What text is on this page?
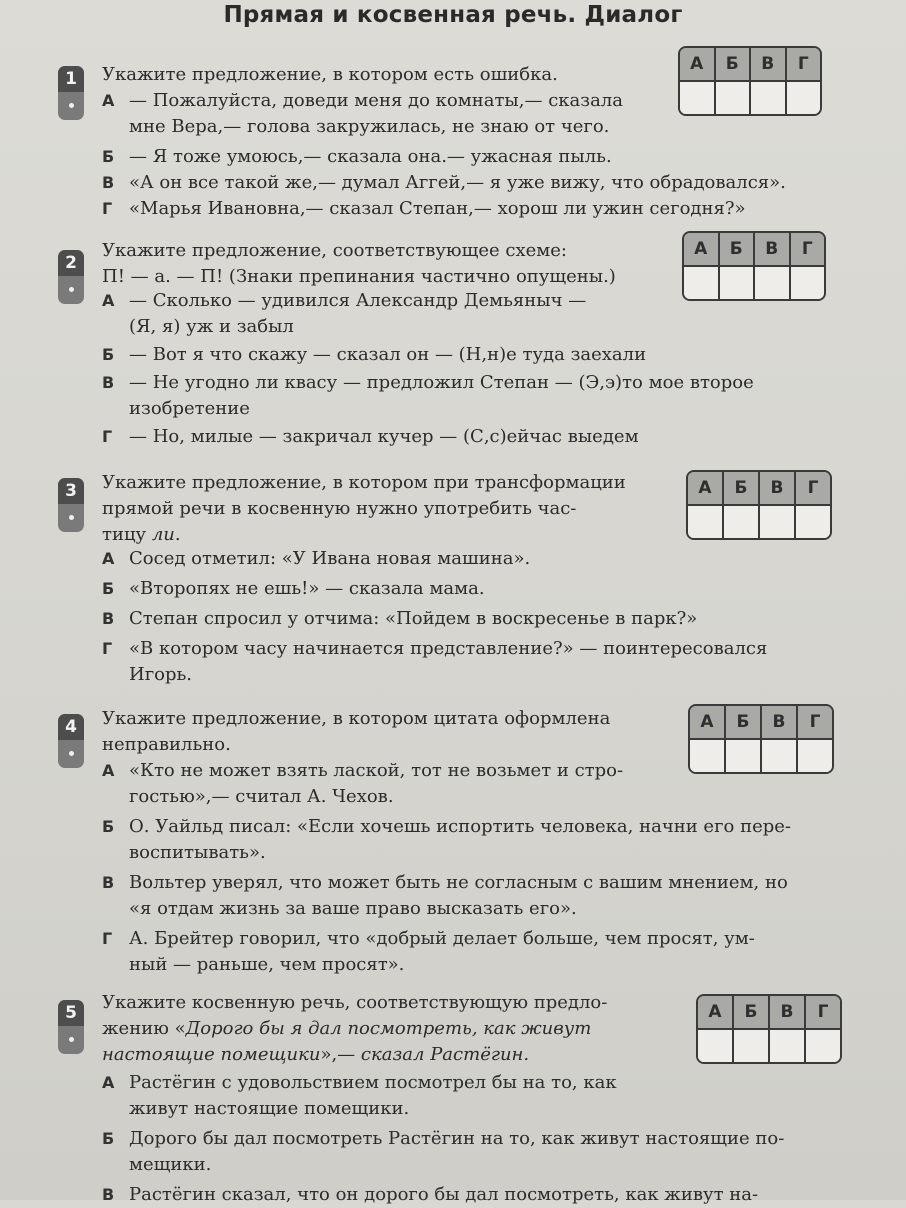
Прямая и косвенная речь. Диалог
1	Укажите предложение, в котором есть ошибка.
А — Пожалуйста, доведи меня до комнаты,— сказала
мне Вера,— голова закружилась, не знаю от чего.
Б — Я тоже умоюсь,— сказала она.— ужасная пыль.
В «А он все такой же,— думал Аггей,— я уже вижу, что обрадовался».
Г «Марья Ивановна,— сказал Степан,— хорош ли ужин сегодня?»
А	Б	В	Г
2
Укажите предложение, соответствующее схеме:
П! — а. — П! (Знаки препинания частично опущены.)
А — Сколько — удивился Александр Демьяныч —
(Я, я) уж и забыл
Б — Вот я что скажу — сказал он — (Н,н)е туда заехали
В — Не угодно ли квасу — предложил Степан — (Э,э)то мое второе
изобретение
Г — Но, милые — закричал кучер — (С,с)ейчас выедем
А	Б	В	Г
3	Укажите предложение, в котором при трансформации
прямой речи в косвенную нужно употребить час-
тицу ли.
А Сосед отметил: «У Ивана новая машина».
Б «Второпях не ешь!» — сказала мама.
В Степан спросил у отчима: «Пойдем в воскресенье в парк?»
Г «В котором часу начинается представление?» — поинтересовался
Игорь.
А	Б	В	Г
4	Укажите предложение, в котором цитата оформлена
неправильно.
А «Кто не может взять лаской, тот не возьмет и стро-
гостью»,— считал А. Чехов.
Б О. Уайльд писал: «Если хочешь испортить человека, начни его пере-
воспитывать».
В Вольтер уверял, что может быть не согласным с вашим мнением, но
«я отдам жизнь за ваше право высказать его».
Г А. Брейтер говорил, что «добрый делает больше, чем просят, ум-
ный — раньше, чем просят».
А	Б	В	Г
5	Укажите косвенную речь, соответствующую предло-
жению «Дорого бы я дал посмотреть, как живут
настоящие помещики»,— сказал Растёгин.
А Растёгин с удовольствием посмотрел бы на то, как
живут настоящие помещики.
Б Дорого бы дал посмотреть Растёгин на то, как живут настоящие по-
мещики.
В Растёгин сказал, что он дорого бы дал посмотреть, как живут на-
А	Б	В	Г
